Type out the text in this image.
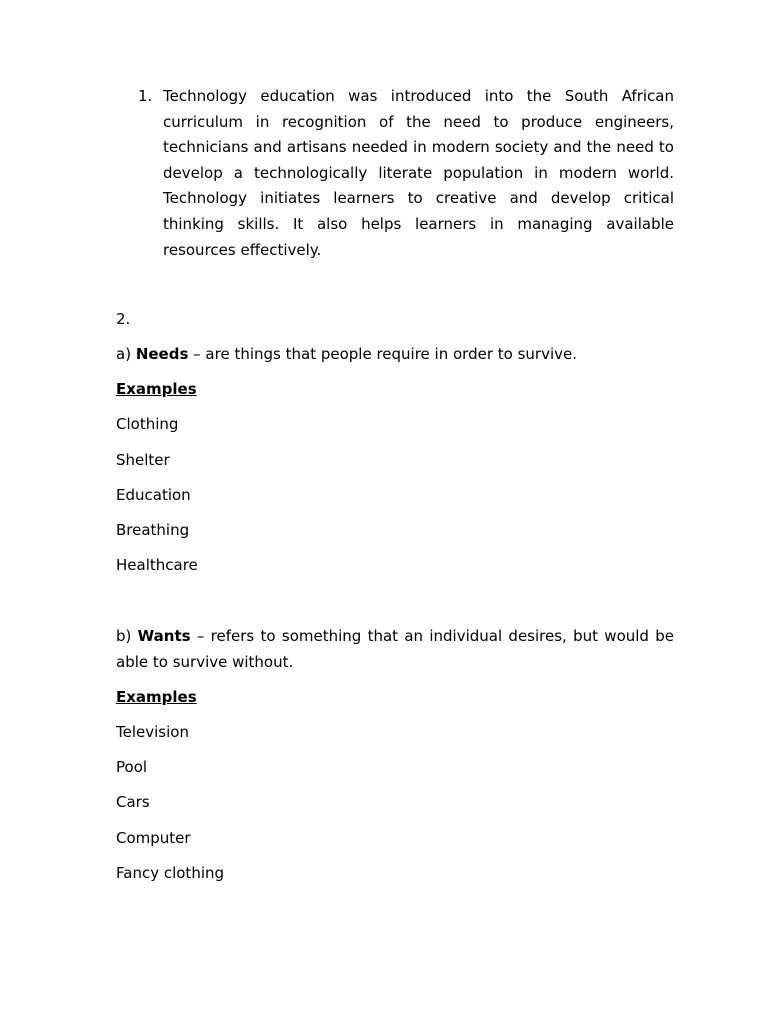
1. Technology education was introduced into the South African curriculum in recognition of the need to produce engineers, technicians and artisans needed in modern society and the need to develop a technologically literate population in modern world. Technology initiates learners to creative and develop critical thinking skills. It also helps learners in managing available resources effectively.
2.
a) Needs – are things that people require in order to survive.
Examples
Clothing
Shelter
Education
Breathing
Healthcare
b) Wants – refers to something that an individual desires, but would be able to survive without.
Examples
Television
Pool
Cars
Computer
Fancy clothing
